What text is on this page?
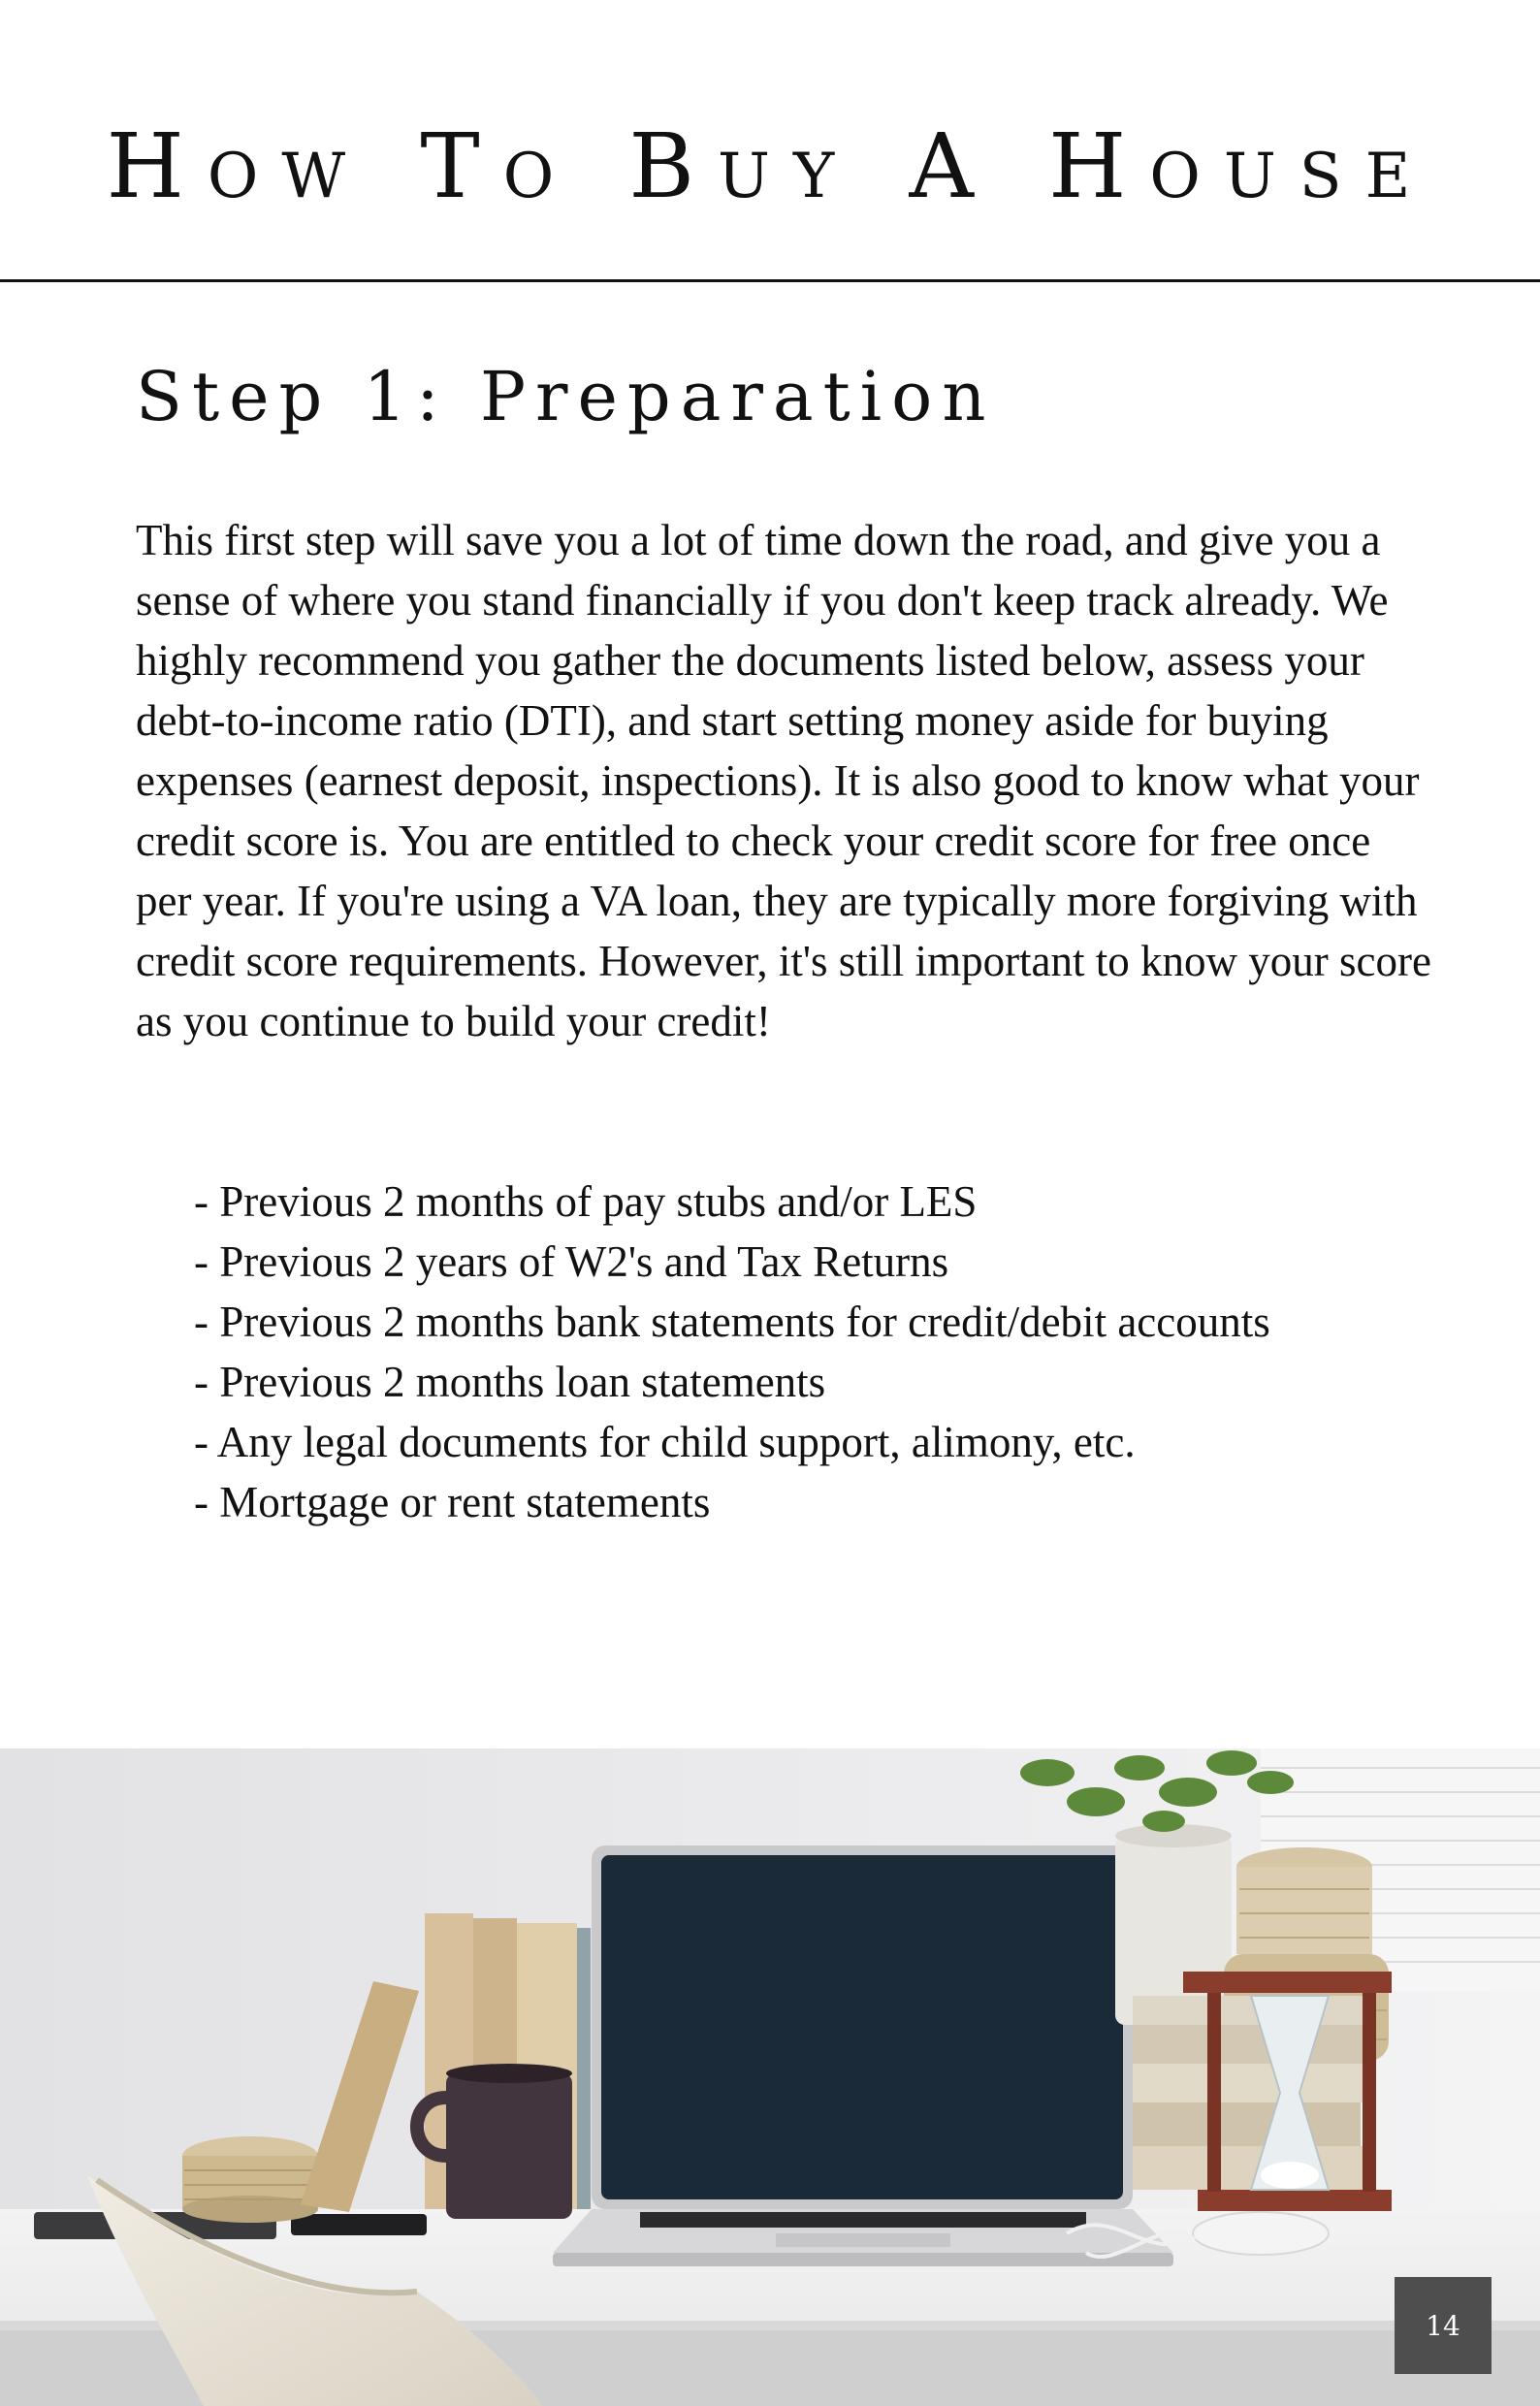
How To Buy A House
Step 1: Preparation

This first step will save you a lot of time down the road, and give you a sense of where you stand financially if you don't keep track already. We highly recommend you gather the documents listed below, assess your debt-to-income ratio (DTI), and start setting money aside for buying expenses (earnest deposit, inspections). It is also good to know what your credit score is. You are entitled to check your credit score for free once per year. If you're using a VA loan, they are typically more forgiving with credit score requirements. However, it's still important to know your score as you continue to build your credit!

- Previous 2 months of pay stubs and/or LES
- Previous 2 years of W2's and Tax Returns
- Previous 2 months bank statements for credit/debit accounts
- Previous 2 months loan statements
- Any legal documents for child support, alimony, etc.
- Mortgage or rent statements
14
